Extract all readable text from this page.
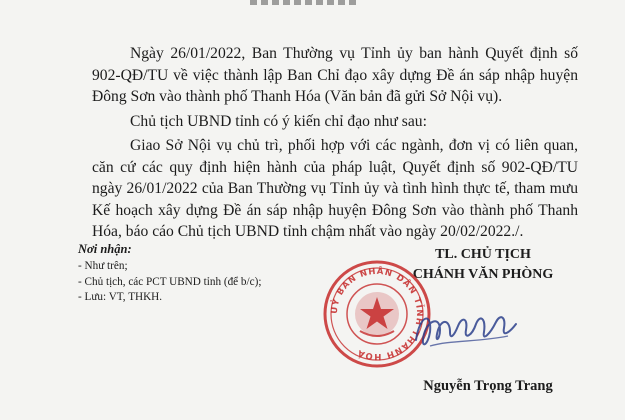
Ngày 26/01/2022, Ban Thường vụ Tỉnh ủy ban hành Quyết định số 902-QĐ/TU về việc thành lập Ban Chỉ đạo xây dựng Đề án sáp nhập huyện Đông Sơn vào thành phố Thanh Hóa (Văn bản đã gửi Sở Nội vụ).
Chủ tịch UBND tỉnh có ý kiến chỉ đạo như sau:
Giao Sở Nội vụ chủ trì, phối hợp với các ngành, đơn vị có liên quan, căn cứ các quy định hiện hành của pháp luật, Quyết định số 902-QĐ/TU ngày 26/01/2022 của Ban Thường vụ Tỉnh ủy và tình hình thực tế, tham mưu Kế hoạch xây dựng Đề án sáp nhập huyện Đông Sơn vào thành phố Thanh Hóa, báo cáo Chủ tịch UBND tỉnh chậm nhất vào ngày 20/02/2022./.
Nơi nhận:
- Như trên;
- Chủ tịch, các PCT UBND tỉnh (để b/c);
- Lưu: VT, THKH.
TL. CHỦ TỊCH
CHÁNH VĂN PHÒNG
UỶ BAN NHÂN DÂN TỈNH THANH HOÁ
Nguyễn Trọng Trang
